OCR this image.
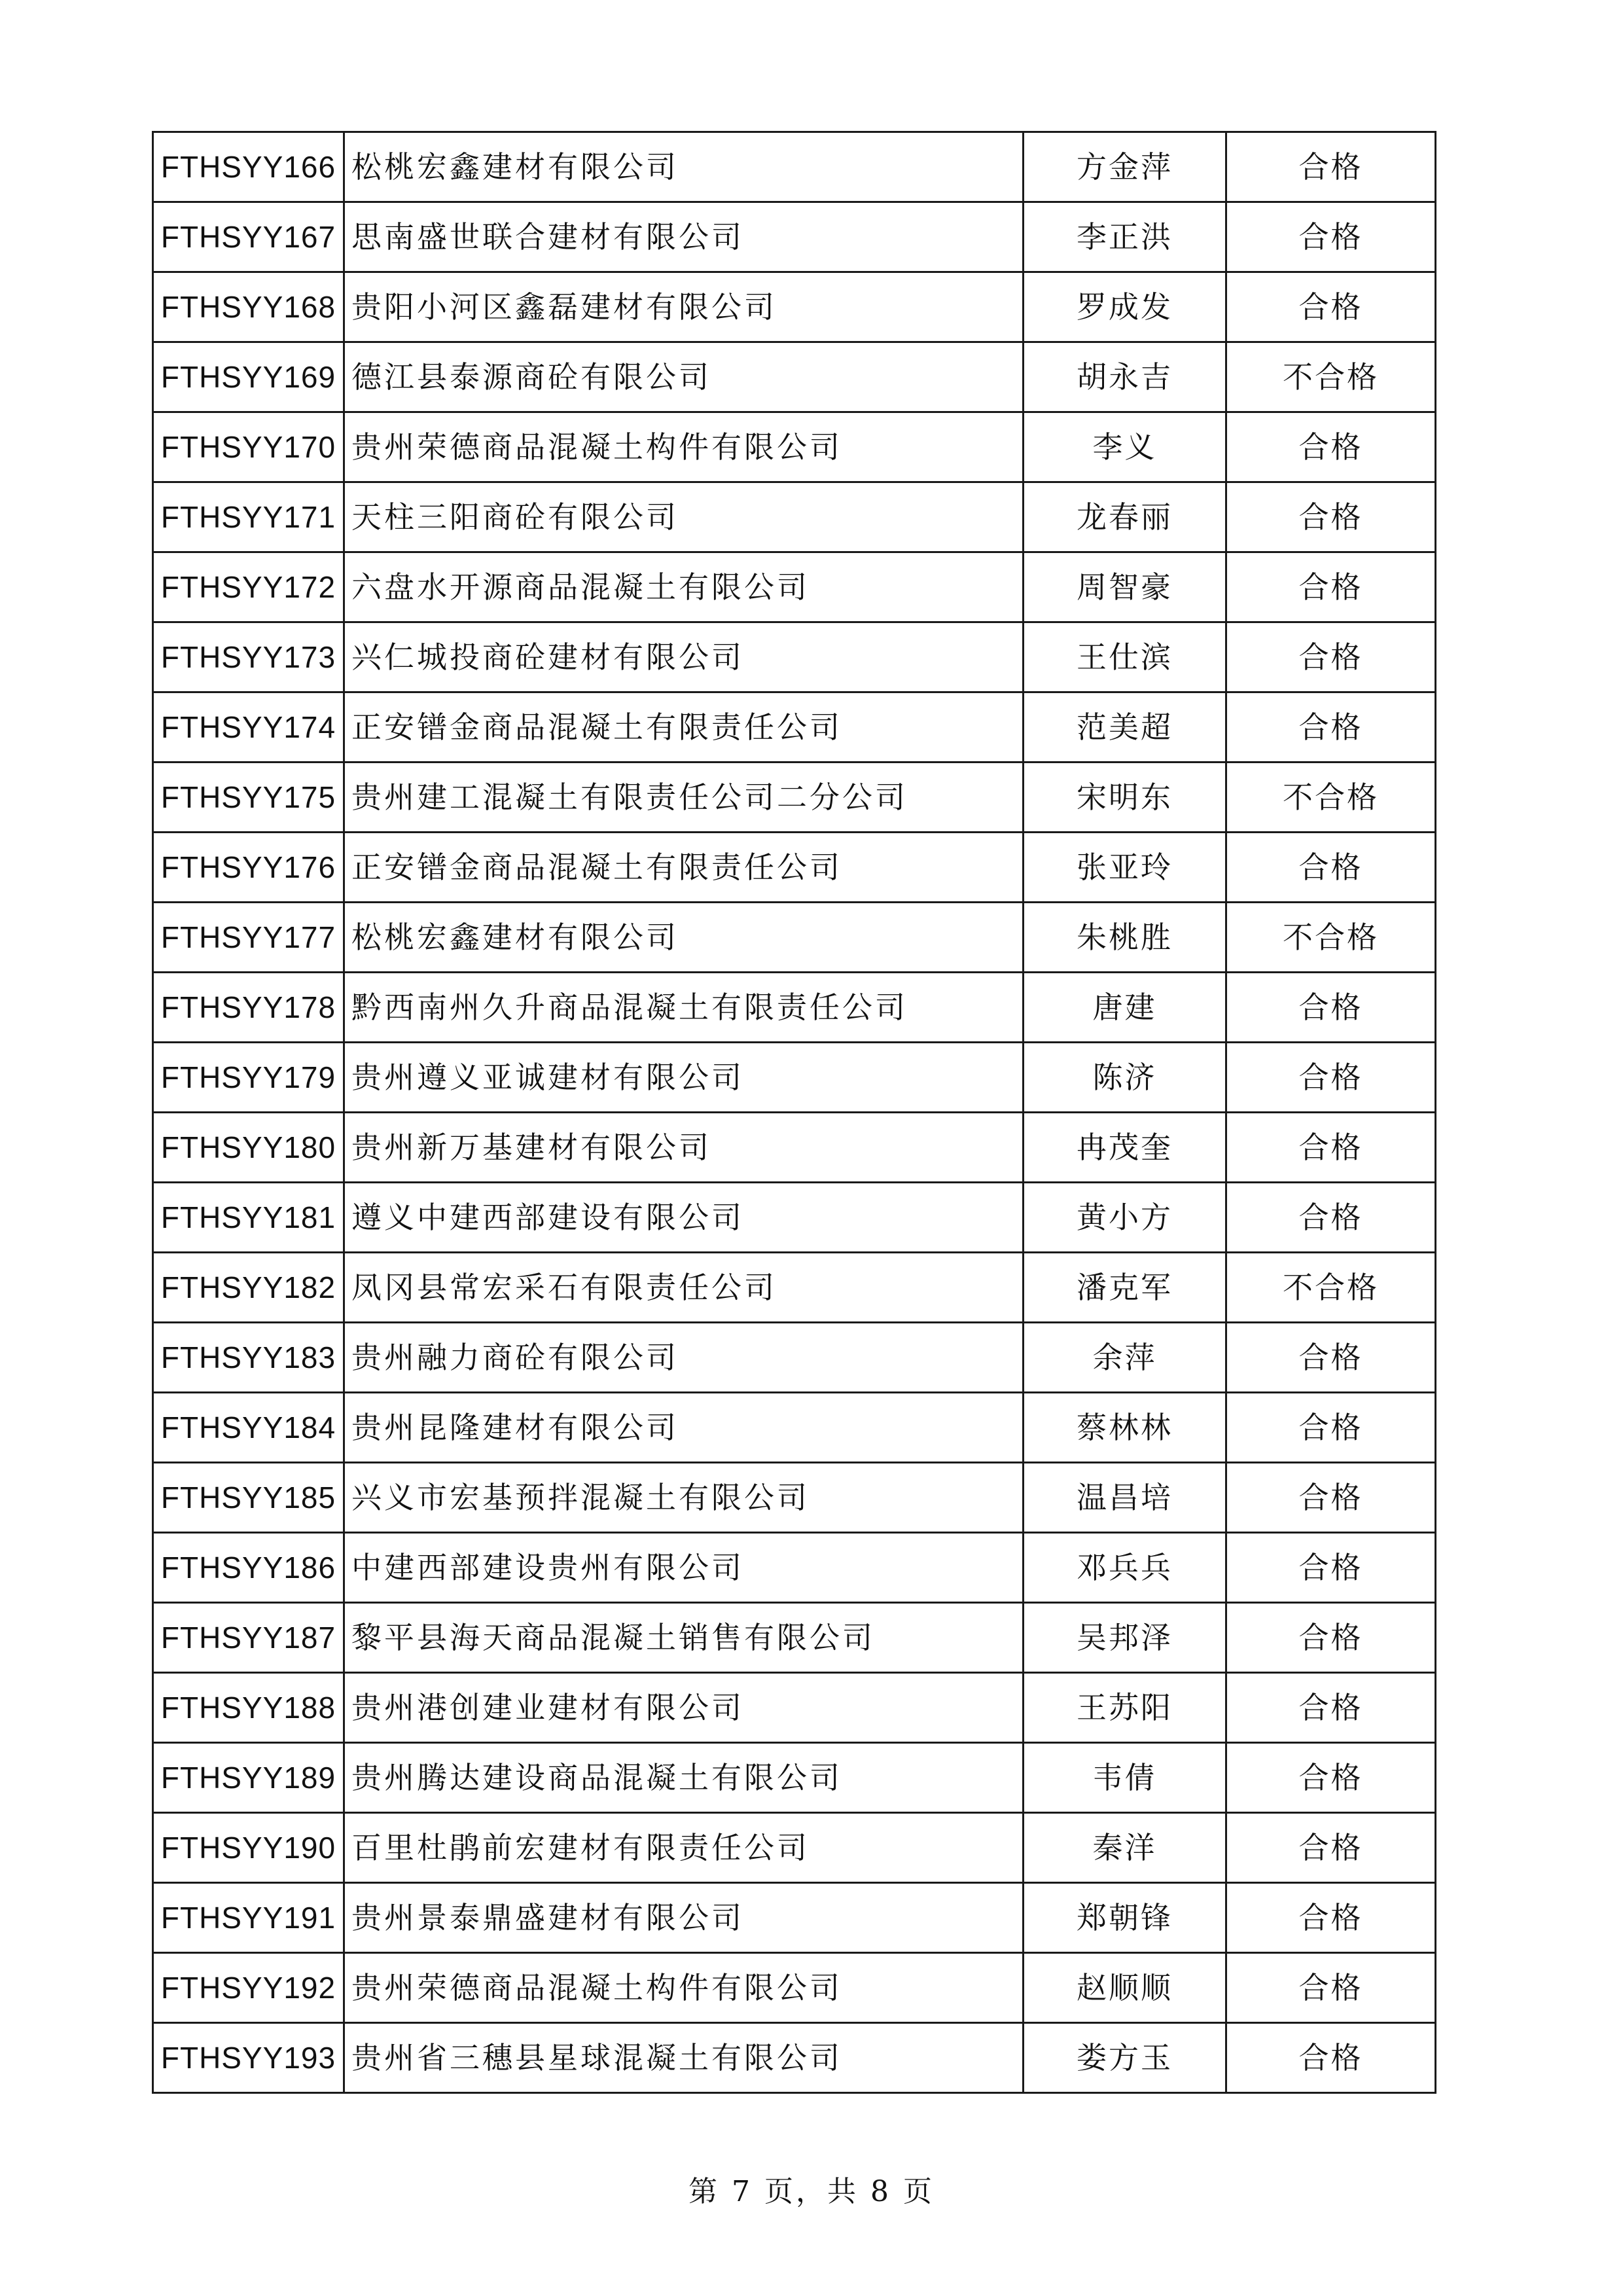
FTHSYY166	松桃宏鑫建材有限公司	方金萍	合格
FTHSYY167	思南盛世联合建材有限公司	李正洪	合格
FTHSYY168	贵阳小河区鑫磊建材有限公司	罗成发	合格
FTHSYY169	德江县泰源商砼有限公司	胡永吉	不合格
FTHSYY170	贵州荣德商品混凝土构件有限公司	李义	合格
FTHSYY171	天柱三阳商砼有限公司	龙春丽	合格
FTHSYY172	六盘水开源商品混凝土有限公司	周智豪	合格
FTHSYY173	兴仁城投商砼建材有限公司	王仕滨	合格
FTHSYY174	正安镨金商品混凝土有限责任公司	范美超	合格
FTHSYY175	贵州建工混凝土有限责任公司二分公司	宋明东	不合格
FTHSYY176	正安镨金商品混凝土有限责任公司	张亚玲	合格
FTHSYY177	松桃宏鑫建材有限公司	朱桃胜	不合格
FTHSYY178	黔西南州久升商品混凝土有限责任公司	唐建	合格
FTHSYY179	贵州遵义亚诚建材有限公司	陈济	合格
FTHSYY180	贵州新万基建材有限公司	冉茂奎	合格
FTHSYY181	遵义中建西部建设有限公司	黄小方	合格
FTHSYY182	凤冈县常宏采石有限责任公司	潘克军	不合格
FTHSYY183	贵州融力商砼有限公司	余萍	合格
FTHSYY184	贵州昆隆建材有限公司	蔡林林	合格
FTHSYY185	兴义市宏基预拌混凝土有限公司	温昌培	合格
FTHSYY186	中建西部建设贵州有限公司	邓兵兵	合格
FTHSYY187	黎平县海天商品混凝土销售有限公司	吴邦泽	合格
FTHSYY188	贵州港创建业建材有限公司	王苏阳	合格
FTHSYY189	贵州腾达建设商品混凝土有限公司	韦倩	合格
FTHSYY190	百里杜鹃前宏建材有限责任公司	秦洋	合格
FTHSYY191	贵州景泰鼎盛建材有限公司	郑朝锋	合格
FTHSYY192	贵州荣德商品混凝土构件有限公司	赵顺顺	合格
FTHSYY193	贵州省三穗县星球混凝土有限公司	娄方玉	合格
第 7 页，共 8 页
